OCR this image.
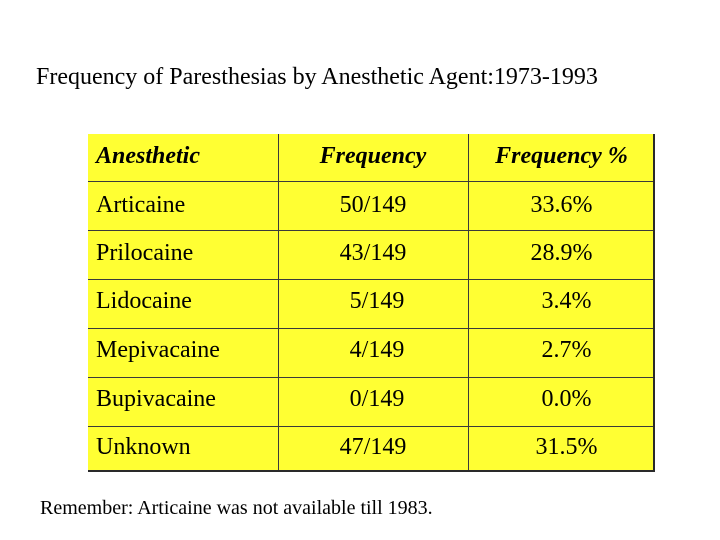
Frequency of Paresthesias by Anesthetic Agent:1973-1993
Anesthetic	Frequency	Frequency %
Articaine	50/149	33.6%
Prilocaine	43/149	28.9%
Lidocaine	5/149	3.4%
Mepivacaine	4/149	2.7%
Bupivacaine	0/149	0.0%
Unknown	47/149	31.5%
Remember: Articaine was not available till 1983.
